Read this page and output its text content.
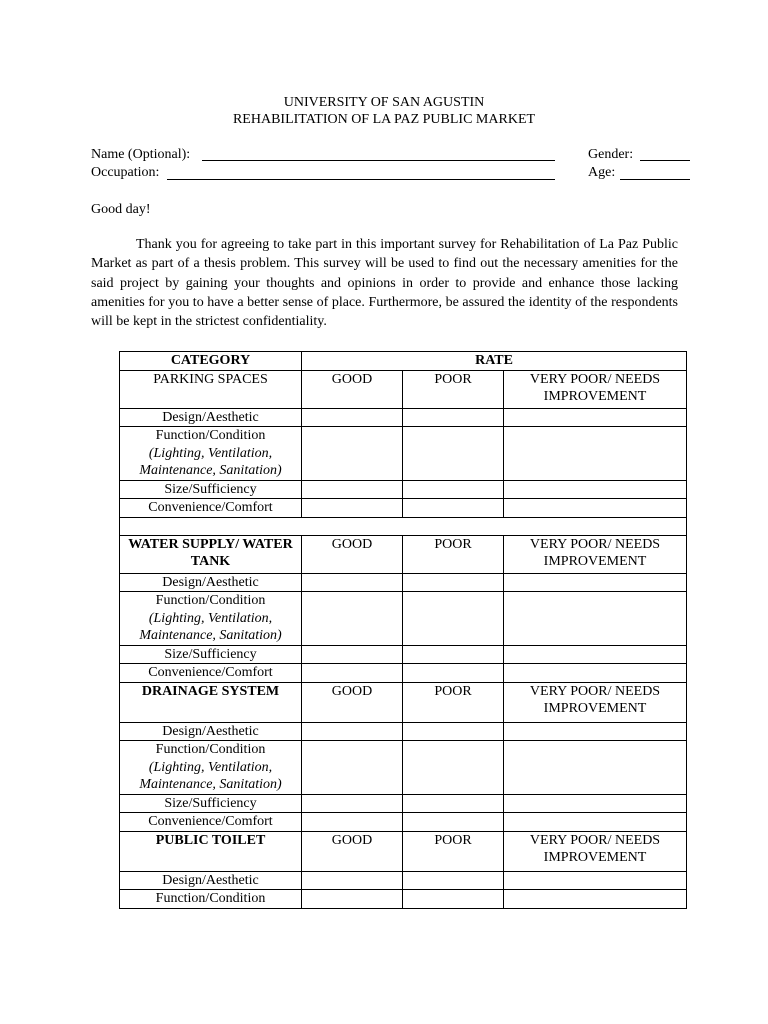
UNIVERSITY OF SAN AGUSTIN
REHABILITATION OF LA PAZ PUBLIC MARKET
Name (Optional):
Occupation:
Gender:
Age:
Good day!
Thank you for agreeing to take part in this important survey for Rehabilitation of La Paz Public Market as part of a thesis problem. This survey will be used to find out the necessary amenities for the said project by gaining your thoughts and opinions in order to provide and enhance those lacking amenities for you to have a better sense of place. Furthermore, be assured the identity of the respondents will be kept in the strictest confidentiality.
CATEGORY	RATE		
PARKING SPACES	GOOD	POOR	VERY POOR/ NEEDS IMPROVEMENT
Design/Aesthetic			
Function/Condition
(Lighting, Ventilation, Maintenance, Sanitation)			
Size/Sufficiency			
Convenience/Comfort			

WATER SUPPLY/ WATER TANK	GOOD	POOR	VERY POOR/ NEEDS IMPROVEMENT
Design/Aesthetic			
Function/Condition
(Lighting, Ventilation, Maintenance, Sanitation)			
Size/Sufficiency			
Convenience/Comfort			
DRAINAGE SYSTEM	GOOD	POOR	VERY POOR/ NEEDS IMPROVEMENT
Design/Aesthetic			
Function/Condition
(Lighting, Ventilation, Maintenance, Sanitation)			
Size/Sufficiency			
Convenience/Comfort			
PUBLIC TOILET	GOOD	POOR	VERY POOR/ NEEDS IMPROVEMENT
Design/Aesthetic			
Function/Condition			
